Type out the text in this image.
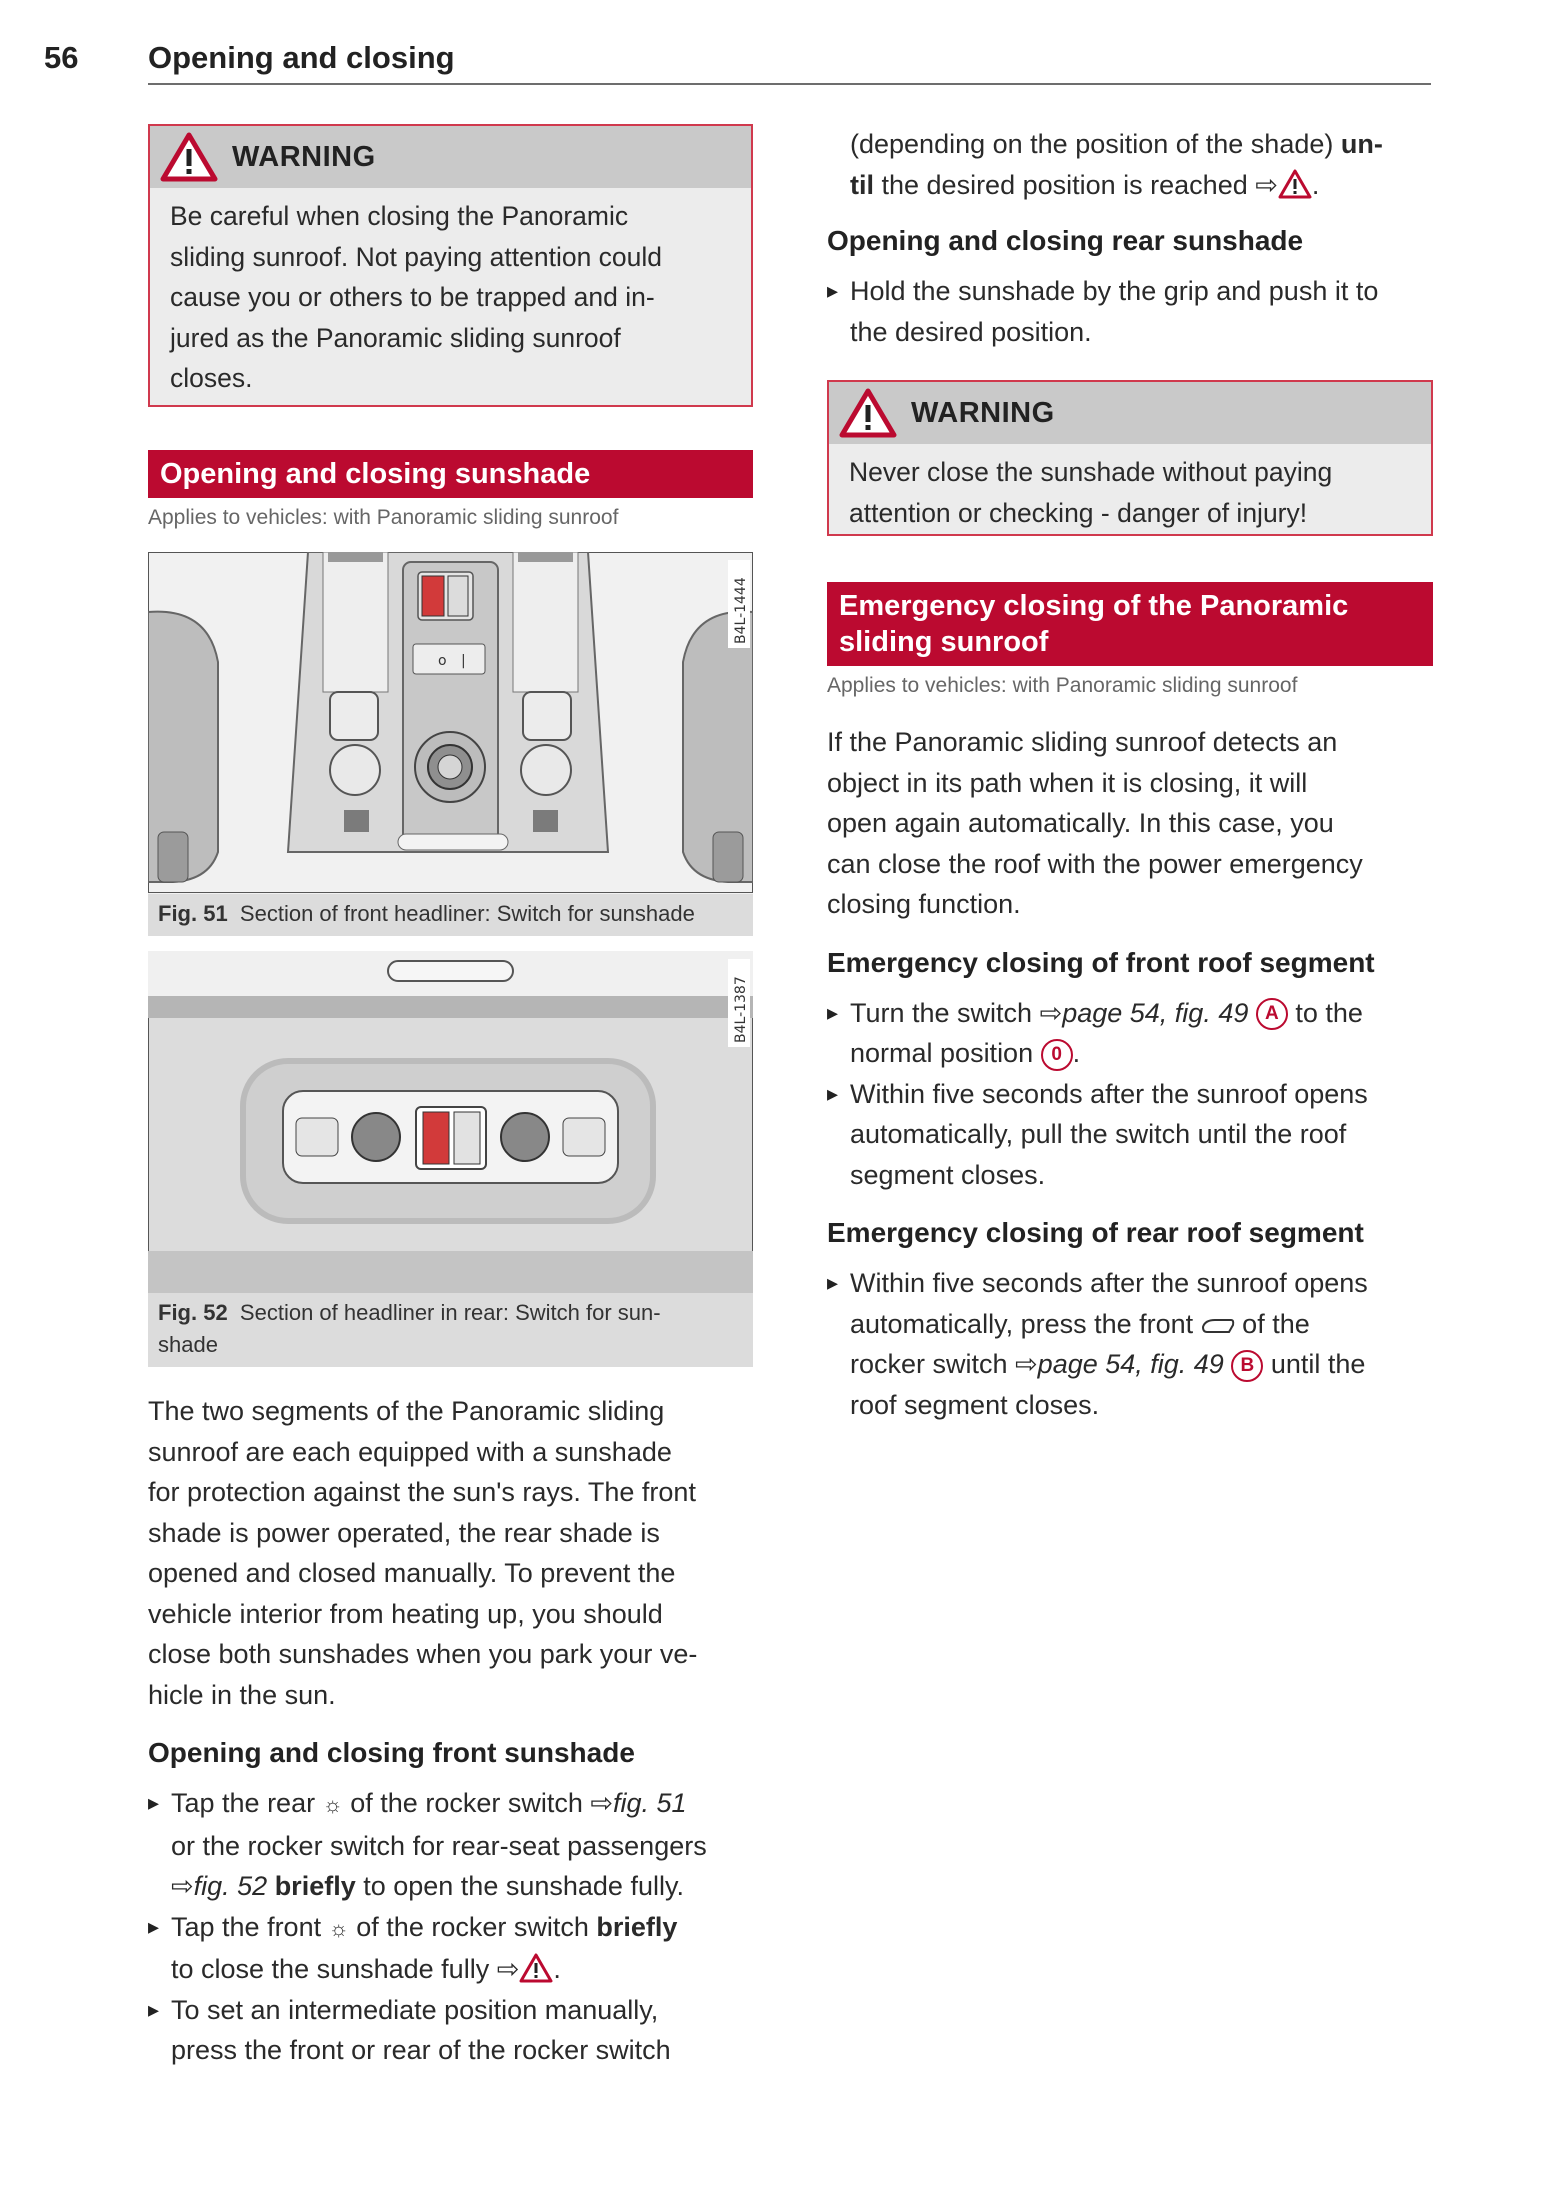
56 Opening and closing
WARNING
Be careful when closing the Panoramic
sliding sunroof. Not paying attention could
cause you or others to be trapped and in-
jured as the Panoramic sliding sunroof
closes.
Opening and closing sunshade
Applies to vehicles: with Panoramic sliding sunroof
o |
B4L-1444
Fig. 51 Section of front headliner: Switch for sunshade
B4L-1387
Fig. 52 Section of headliner in rear: Switch for sun-
shade

The two segments of the Panoramic sliding

sunroof are each equipped with a sunshade

for protection against the sun's rays. The front

shade is power operated, the rear shade is

opened and closed manually. To prevent the

vehicle interior from heating up, you should

close both sunshades when you park your ve-

hicle in the sun.

Opening and closing front sunshade
▸ Tap the rear ☼ of the rocker switch ⇨fig. 51
or the rocker switch for rear-seat passengers
⇨fig. 52 briefly to open the sunshade fully.
▸ Tap the front ☼ of the rocker switch briefly
to close the sunshade fully ⇨ .
▸ To set an intermediate position manually,
press the front or rear of the rocker switch
(depending on the position of the shade) un-
til the desired position is reached ⇨ .
Opening and closing rear sunshade
▸ Hold the sunshade by the grip and push it to
the desired position.
WARNING
Never close the sunshade without paying
attention or checking - danger of injury!
Emergency closing of the Panoramic
sliding sunroof
Applies to vehicles: with Panoramic sliding sunroof

If the Panoramic sliding sunroof detects an

object in its path when it is closing, it will

open again automatically. In this case, you

can close the roof with the power emergency

closing function.

Emergency closing of front roof segment
▸ Turn the switch ⇨page 54, fig. 49 A to the
normal position 0 .
▸ Within five seconds after the sunroof opens
automatically, pull the switch until the roof
segment closes.
Emergency closing of rear roof segment
▸ Within five seconds after the sunroof opens
automatically, press the front  of the
rocker switch ⇨page 54, fig. 49 B until the
roof segment closes.
